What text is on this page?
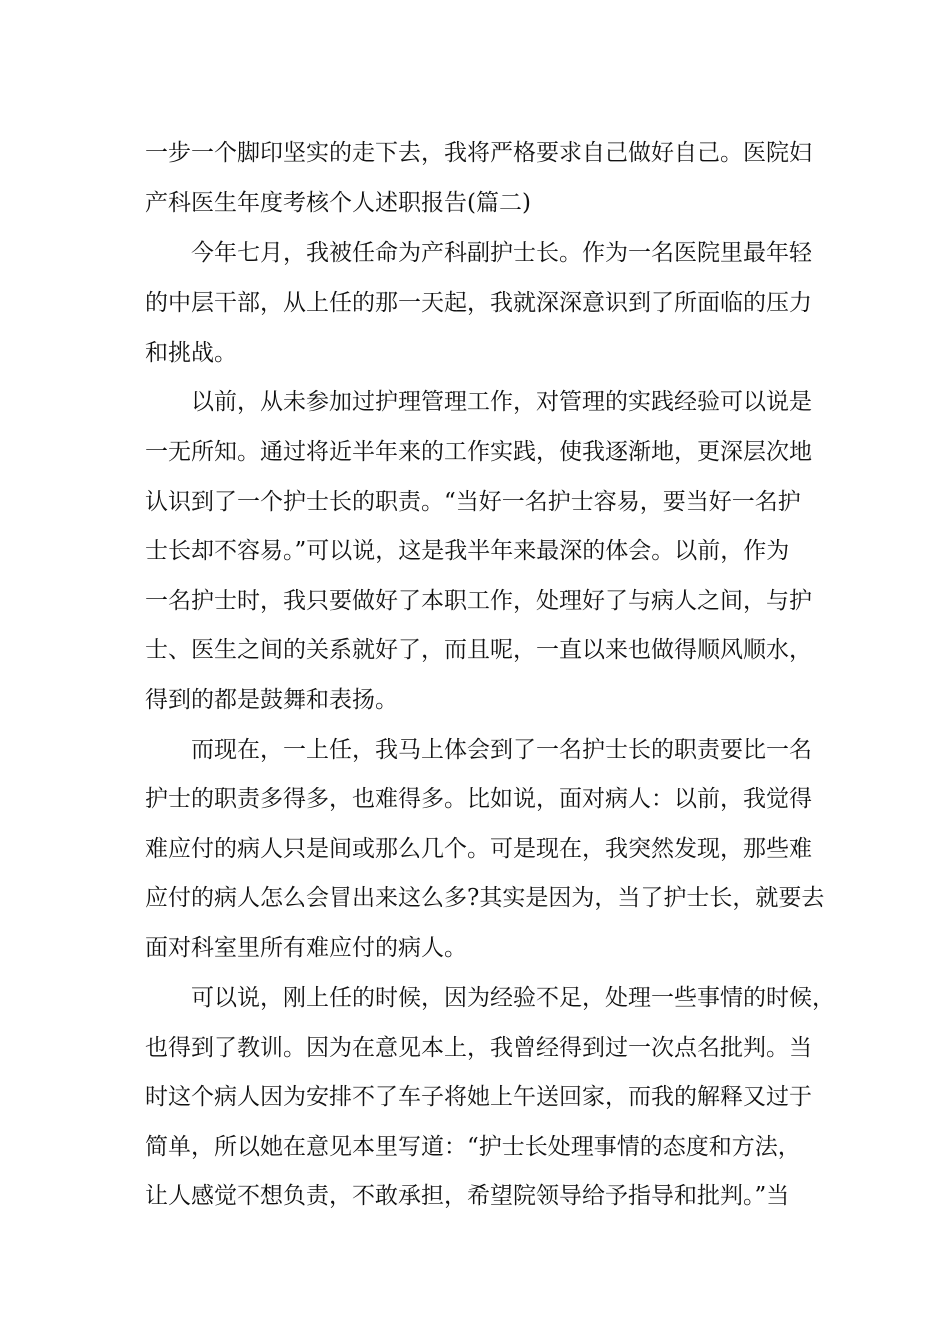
一步一个脚印坚实的走下去，我将严格要求自己做好自己。医院妇
产科医生年度考核个人述职报告(篇二)
今年七月，我被任命为产科副护士长。作为一名医院里最年轻
的中层干部，从上任的那一天起，我就深深意识到了所面临的压力
和挑战。
以前，从未参加过护理管理工作，对管理的实践经验可以说是
一无所知。通过将近半年来的工作实践，使我逐渐地，更深层次地
认识到了一个护士长的职责。“当好一名护士容易，要当好一名护
士长却不容易。”可以说，这是我半年来最深的体会。以前，作为
一名护士时，我只要做好了本职工作，处理好了与病人之间，与护
士、医生之间的关系就好了，而且呢，一直以来也做得顺风顺水，
得到的都是鼓舞和表扬。
而现在，一上任，我马上体会到了一名护士长的职责要比一名
护士的职责多得多，也难得多。比如说，面对病人：以前，我觉得
难应付的病人只是间或那么几个。可是现在，我突然发现，那些难
应付的病人怎么会冒出来这么多?其实是因为，当了护士长，就要去
面对科室里所有难应付的病人。
可以说，刚上任的时候，因为经验不足，处理一些事情的时候，
也得到了教训。因为在意见本上，我曾经得到过一次点名批判。当
时这个病人因为安排不了车子将她上午送回家，而我的解释又过于
简单，所以她在意见本里写道：“护士长处理事情的态度和方法，
让人感觉不想负责，不敢承担，希望院领导给予指导和批判。”当
